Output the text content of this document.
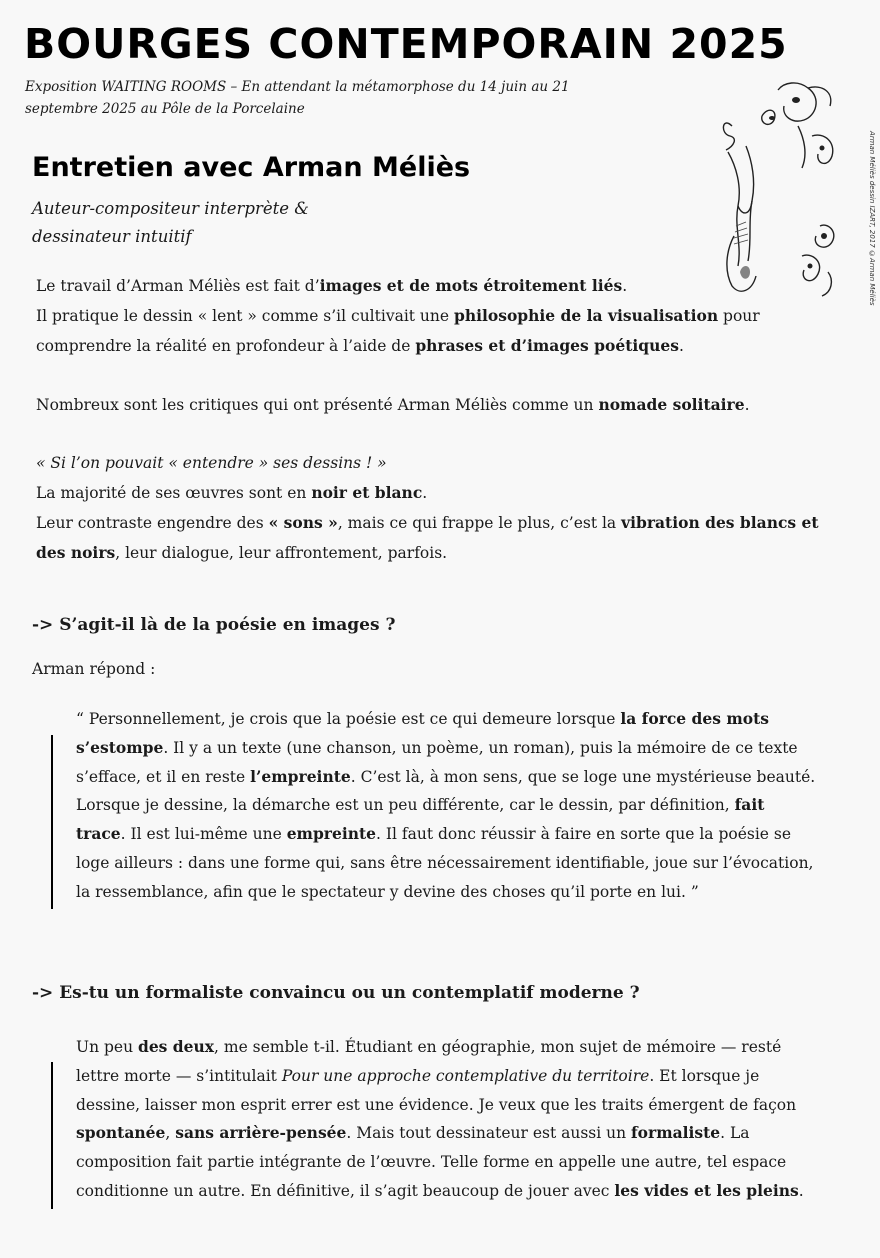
BOURGES CONTEMPORAIN 2025
Exposition WAITING ROOMS – En attendant la métamorphose du 14 juin au 21 septembre 2025 au Pôle de la Porcelaine
Arman Méliès dessin IZART, 2017 ©Arman Méliès
Entretien avec Arman Méliès
Auteur-compositeur interprète &
dessinateur intuitif

Le travail d’Arman Méliès est fait d’images et de mots étroitement liés.

Il pratique le dessin « lent » comme s’il cultivait une philosophie de la visualisation pour comprendre la réalité en profondeur à l’aide de phrases et d’images poétiques.

Nombreux sont les critiques qui ont présenté Arman Méliès comme un nomade solitaire.

« Si l’on pouvait « entendre » ses dessins ! »

La majorité de ses œuvres sont en noir et blanc.

Leur contraste engendre des « sons », mais ce qui frappe le plus, c’est la vibration des blancs et des noirs, leur dialogue, leur affrontement, parfois.

-> S’agit-il là de la poésie en images ?
Arman répond :

“ Personnellement, je crois que la poésie est ce qui demeure lorsque la force des mots s’estompe. Il y a un texte (une chanson, un poème, un roman), puis la mémoire de ce texte s’efface, et il en reste l’empreinte. C’est là, à mon sens, que se loge une mystérieuse beauté. Lorsque je dessine, la démarche est un peu différente, car le dessin, par définition, fait trace. Il est lui-même une empreinte. Il faut donc réussir à faire en sorte que la poésie se loge ailleurs : dans une forme qui, sans être nécessairement identifiable, joue sur l’évocation, la ressemblance, afin que le spectateur y devine des choses qu’il porte en lui. ”

-> Es-tu un formaliste convaincu ou un contemplatif moderne ?

Un peu des deux, me semble t-il. Étudiant en géographie, mon sujet de mémoire — resté lettre morte — s’intitulait Pour une approche contemplative du territoire. Et lorsque je dessine, laisser mon esprit errer est une évidence. Je veux que les traits émergent de façon spontanée, sans arrière-pensée. Mais tout dessinateur est aussi un formaliste. La composition fait partie intégrante de l’œuvre. Telle forme en appelle une autre, tel espace conditionne un autre. En définitive, il s’agit beaucoup de jouer avec les vides et les pleins.
